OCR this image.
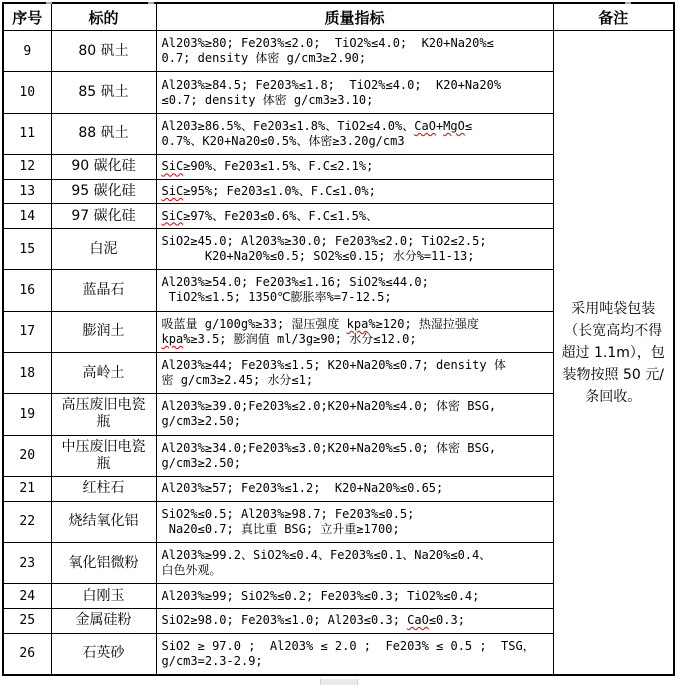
序号	标的	质量指标	备注
9	80 矾土	Al203%≥80; Fe203%≤2.0;  TiO2%≤4.0;  K20+Na20%≤
0.7; density 体密 g/cm3≥2.90;	采用吨袋包装
（长宽高均不得
超过 1.1m），包
装物按照 50 元/
条回收。
10	85 矾土	Al203%≥84.5; Fe203%≤1.8;  TiO2%≤4.0;  K20+Na20%
≤0.7; density 体密 g/cm3≥3.10;	
11	88 矾土	Al203≥86.5%、Fe203≤1.8%、TiO2≤4.0%、CaO+MgO≤
0.7%、K20+Na20≤0.5%、体密≥3.20g/cm3	
12	90 碳化硅	SiC≥90%、Fe203≤1.5%、F.C≤2.1%;	
13	95 碳化硅	SiC≥95%; Fe203≤1.0%、F.C≤1.0%;	
14	97 碳化硅	SiC≥97%、Fe203≤0.6%、F.C≤1.5%、	
15	白泥	SiO2≥45.0; Al203%≥30.0; Fe203%≤2.0; TiO2≤2.5;
K20+Na20%≤0.5; SO2%≤0.15; 水分%=11-13;	
16	蓝晶石	Al203%≥54.0; Fe203%≤1.16; SiO2%≤44.0;
TiO2%≤1.5; 1350℃膨胀率%=7-12.5;	
17	膨润土	吸蓝量 g/100g%≥33; 湿压强度 kpa%≥120; 热湿拉强度
kpa%≥3.5; 膨润值 ml/3g≥90; 水分≤12.0;	
18	高岭土	Al203%≥44; Fe203%≤1.5; K20+Na20%≤0.7; density 体
密 g/cm3≥2.45; 水分≤1;	
19	高压废旧电瓷
瓶	Al203%≥39.0;Fe203%≤2.0;K20+Na20%≤4.0; 体密 BSG,
g/cm3≥2.50;	
20	中压废旧电瓷
瓶	Al203%≥34.0;Fe203%≤3.0;K20+Na20%≤5.0; 体密 BSG,
g/cm3≥2.50;	
21	红柱石	Al203%≥57; Fe203%≤1.2;  K20+Na20%≤0.65;	
22	烧结氧化铝	SiO2%≤0.5; Al203%≥98.7; Fe203%≤0.5;
Na20≤0.7; 真比重 BSG; 立升重≥1700;	
23	氧化铝微粉	Al203%≥99.2、SiO2%≤0.4、Fe203%≤0.1、Na20%≤0.4、
白色外观。	
24	白刚玉	Al203%≥99; SiO2%≤0.2; Fe203%≤0.3; TiO2%≤0.4;	
25	金属硅粉	SiO2≥98.0; Fe203%≤1.0; Al203≤0.3; CaO≤0.3;	
26	石英砂	SiO2 ≥ 97.0 ;  Al203% ≤ 2.0 ;  Fe203% ≤ 0.5 ;  TSG，
g/cm3=2.3-2.9;	
